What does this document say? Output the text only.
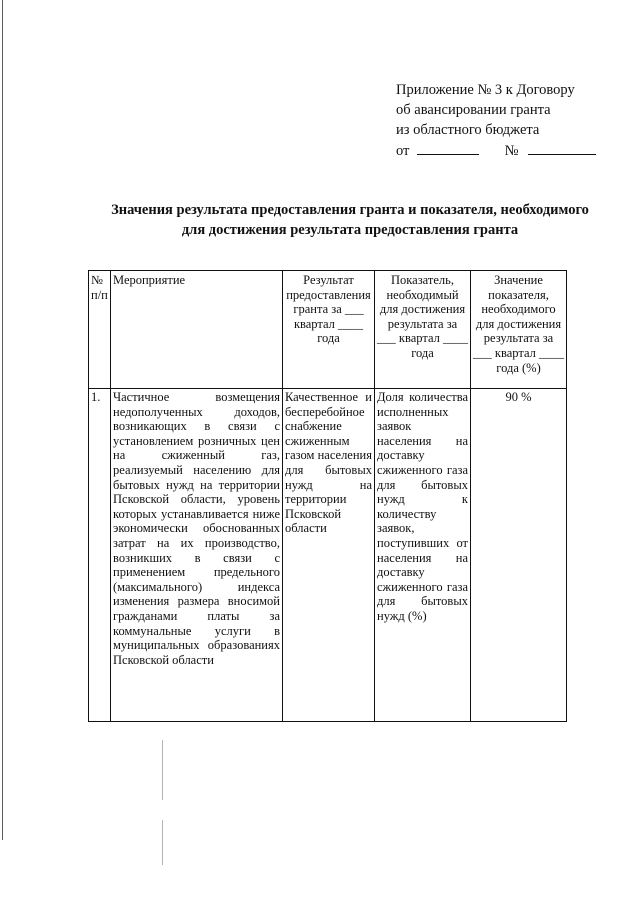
Приложение № 3 к Договору
об авансировании гранта
из областного бюджета
от	№
Значения результата предоставления гранта и показателя, необходимого
для достижения результата предоставления гранта
№ п/п	Мероприятие	Результат предоставления гранта за ___ квартал ____ года	Показатель, необходимый для достижения результата за ___ квартал ____ года	Значение показателя, необходимого для достижения результата за ___ квартал ____ года (%)
1.	Частичное возмещения недополученных доходов, возникающих в связи с установлением розничных цен на сжиженный газ, реализуемый населению для бытовых нужд на территории Псковской области, уровень которых устанавливается ниже экономически обоснованных затрат на их производство, возникших в связи с применением предельного (максимального) индекса изменения размера вносимой гражданами платы за коммунальные услуги в муниципальных образованиях Псковской области	Качественное и бесперебойное снабжение сжиженным газом населения для бытовых нужд на территории Псковской области	Доля количества исполненных заявок населения на доставку сжиженного газа для бытовых нужд к количеству заявок, поступивших от населения на доставку сжиженного газа для бытовых нужд (%)	90 %
